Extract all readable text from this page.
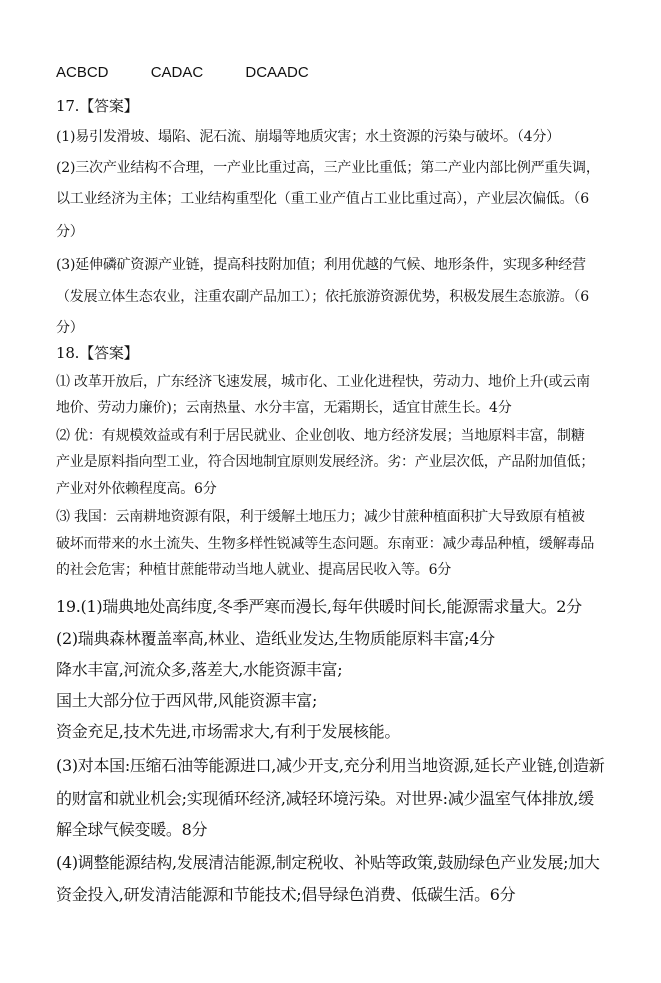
ACBCD	CADAC	DCAADC
17.【答案】
(1)易引发滑坡、塌陷、泥石流、崩塌等地质灾害；水土资源的污染与破坏。（4分）
(2)三次产业结构不合理，一产业比重过高，三产业比重低；第二产业内部比例严重失调，
以工业经济为主体；工业结构重型化（重工业产值占工业比重过高），产业层次偏低。（6
分）
(3)延伸磷矿资源产业链，提高科技附加值；利用优越的气候、地形条件，实现多种经营
（发展立体生态农业，注重农副产品加工）；依托旅游资源优势，积极发展生态旅游。（6
分）
18.【答案】
⑴ 改革开放后，广东经济飞速发展，城市化、工业化进程快，劳动力、地价上升(或云南
地价、劳动力廉价)；云南热量、水分丰富，无霜期长，适宜甘蔗生长。4分
⑵ 优：有规模效益或有利于居民就业、企业创收、地方经济发展；当地原料丰富，制糖
产业是原料指向型工业，符合因地制宜原则发展经济。劣：产业层次低，产品附加值低；
产业对外依赖程度高。6分
⑶ 我国：云南耕地资源有限，利于缓解土地压力；减少甘蔗种植面积扩大导致原有植被
破坏而带来的水土流失、生物多样性锐减等生态问题。东南亚：减少毒品种植，缓解毒品
的社会危害；种植甘蔗能带动当地人就业、提高居民收入等。6分
19.(1)瑞典地处高纬度,冬季严寒而漫长,每年供暖时间长,能源需求量大。2分
(2)瑞典森林覆盖率高,林业、造纸业发达,生物质能原料丰富;4分
降水丰富,河流众多,落差大,水能资源丰富;
国土大部分位于西风带,风能资源丰富;
资金充足,技术先进,市场需求大,有利于发展核能。
(3)对本国:压缩石油等能源进口,减少开支,充分利用当地资源,延长产业链,创造新
的财富和就业机会;实现循环经济,减轻环境污染。对世界:减少温室气体排放,缓
解全球气候变暖。8分
(4)调整能源结构,发展清洁能源,制定税收、补贴等政策,鼓励绿色产业发展;加大
资金投入,研发清洁能源和节能技术;倡导绿色消费、低碳生活。6分
